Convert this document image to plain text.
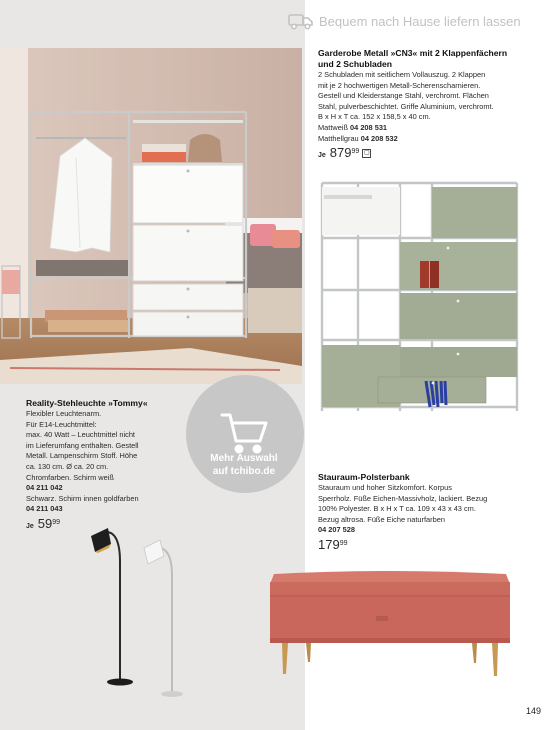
Bequem nach Hause liefern lassen
Mehr Auswahl
auf tchibo.de
Garderobe Metall »CN3« mit 2 Klappenfächern
und 2 Schubladen
2 Schubladen mit seitlichem Vollauszug. 2 Klappen
mit je 2 hochwertigen Metall-Scherenscharnieren.
Gestell und Kleiderstange Stahl, verchromt. Flächen
Stahl, pulverbeschichtet. Griffe Aluminium, verchromt.
B x H x T ca. 152 x 158,5 x 40 cm.
Mattweiß 04 208 531
Matthellgrau 04 208 532
Je 879 99 ▢
Reality-Stehleuchte »Tommy«
Flexibler Leuchtenarm.
Für E14-Leuchtmittel:
max. 40 Watt – Leuchtmittel nicht
im Lieferumfang enthalten. Gestell
Metall. Lampenschirm Stoff. Höhe
ca. 130 cm. Ø ca. 20 cm.
Chromfarben. Schirm weiß
04 211 042
Schwarz. Schirm innen goldfarben
04 211 043
Je 59 99
Stauraum-Polsterbank
Stauraum und hoher Sitzkomfort. Korpus
Sperrholz. Füße Eichen-Massivholz, lackiert. Bezug
100% Polyester. B x H x T ca. 109 x 43 x 43 cm.
Bezug altrosa. Füße Eiche naturfarben
04 207 528
179 99
149
